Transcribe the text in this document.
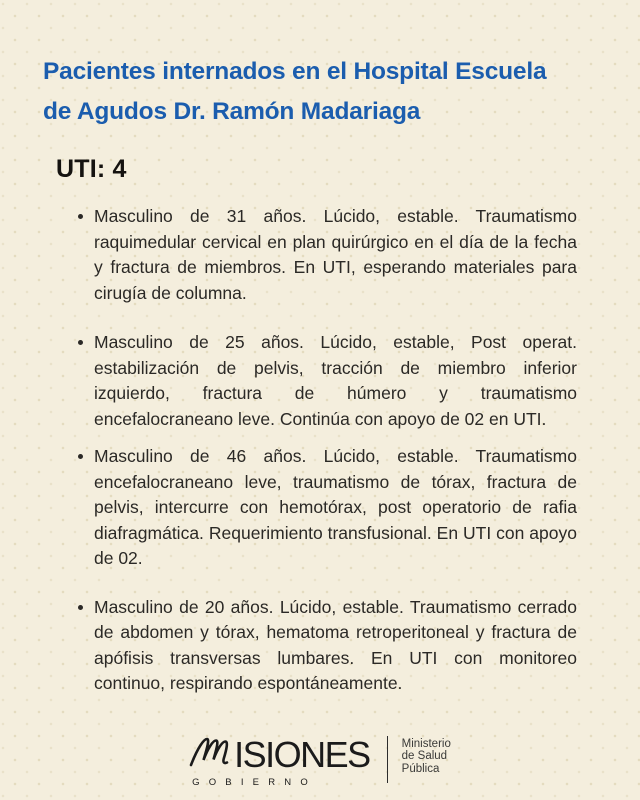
Pacientes internados en el Hospital Escuela
de Agudos Dr. Ramón Madariaga
UTI: 4
Masculino de 31 años. Lúcido, estable. Traumatismo raquimedular cervical en plan quirúrgico en el día de la fecha y fractura de miembros. En UTI, esperando materiales para cirugía de columna.
Masculino de 25 años. Lúcido, estable, Post operat. estabilización de pelvis, tracción de miembro inferior izquierdo, fractura de húmero y traumatismo encefalocraneano leve. Continúa con apoyo de 02 en UTI.
Masculino de 46 años. Lúcido, estable. Traumatismo encefalocraneano leve, traumatismo de tórax, fractura de pelvis, intercurre con hemotórax, post operatorio de rafia diafragmática. Requerimiento transfusional. En UTI con apoyo de 02.
Masculino de 20 años. Lúcido, estable. Traumatismo cerrado de abdomen y tórax, hematoma retroperitoneal y fractura de apófisis transversas lumbares. En UTI con monitoreo continuo, respirando espontáneamente.
ISIONES
GOBIERNO
Ministerio
de Salud
Pública
